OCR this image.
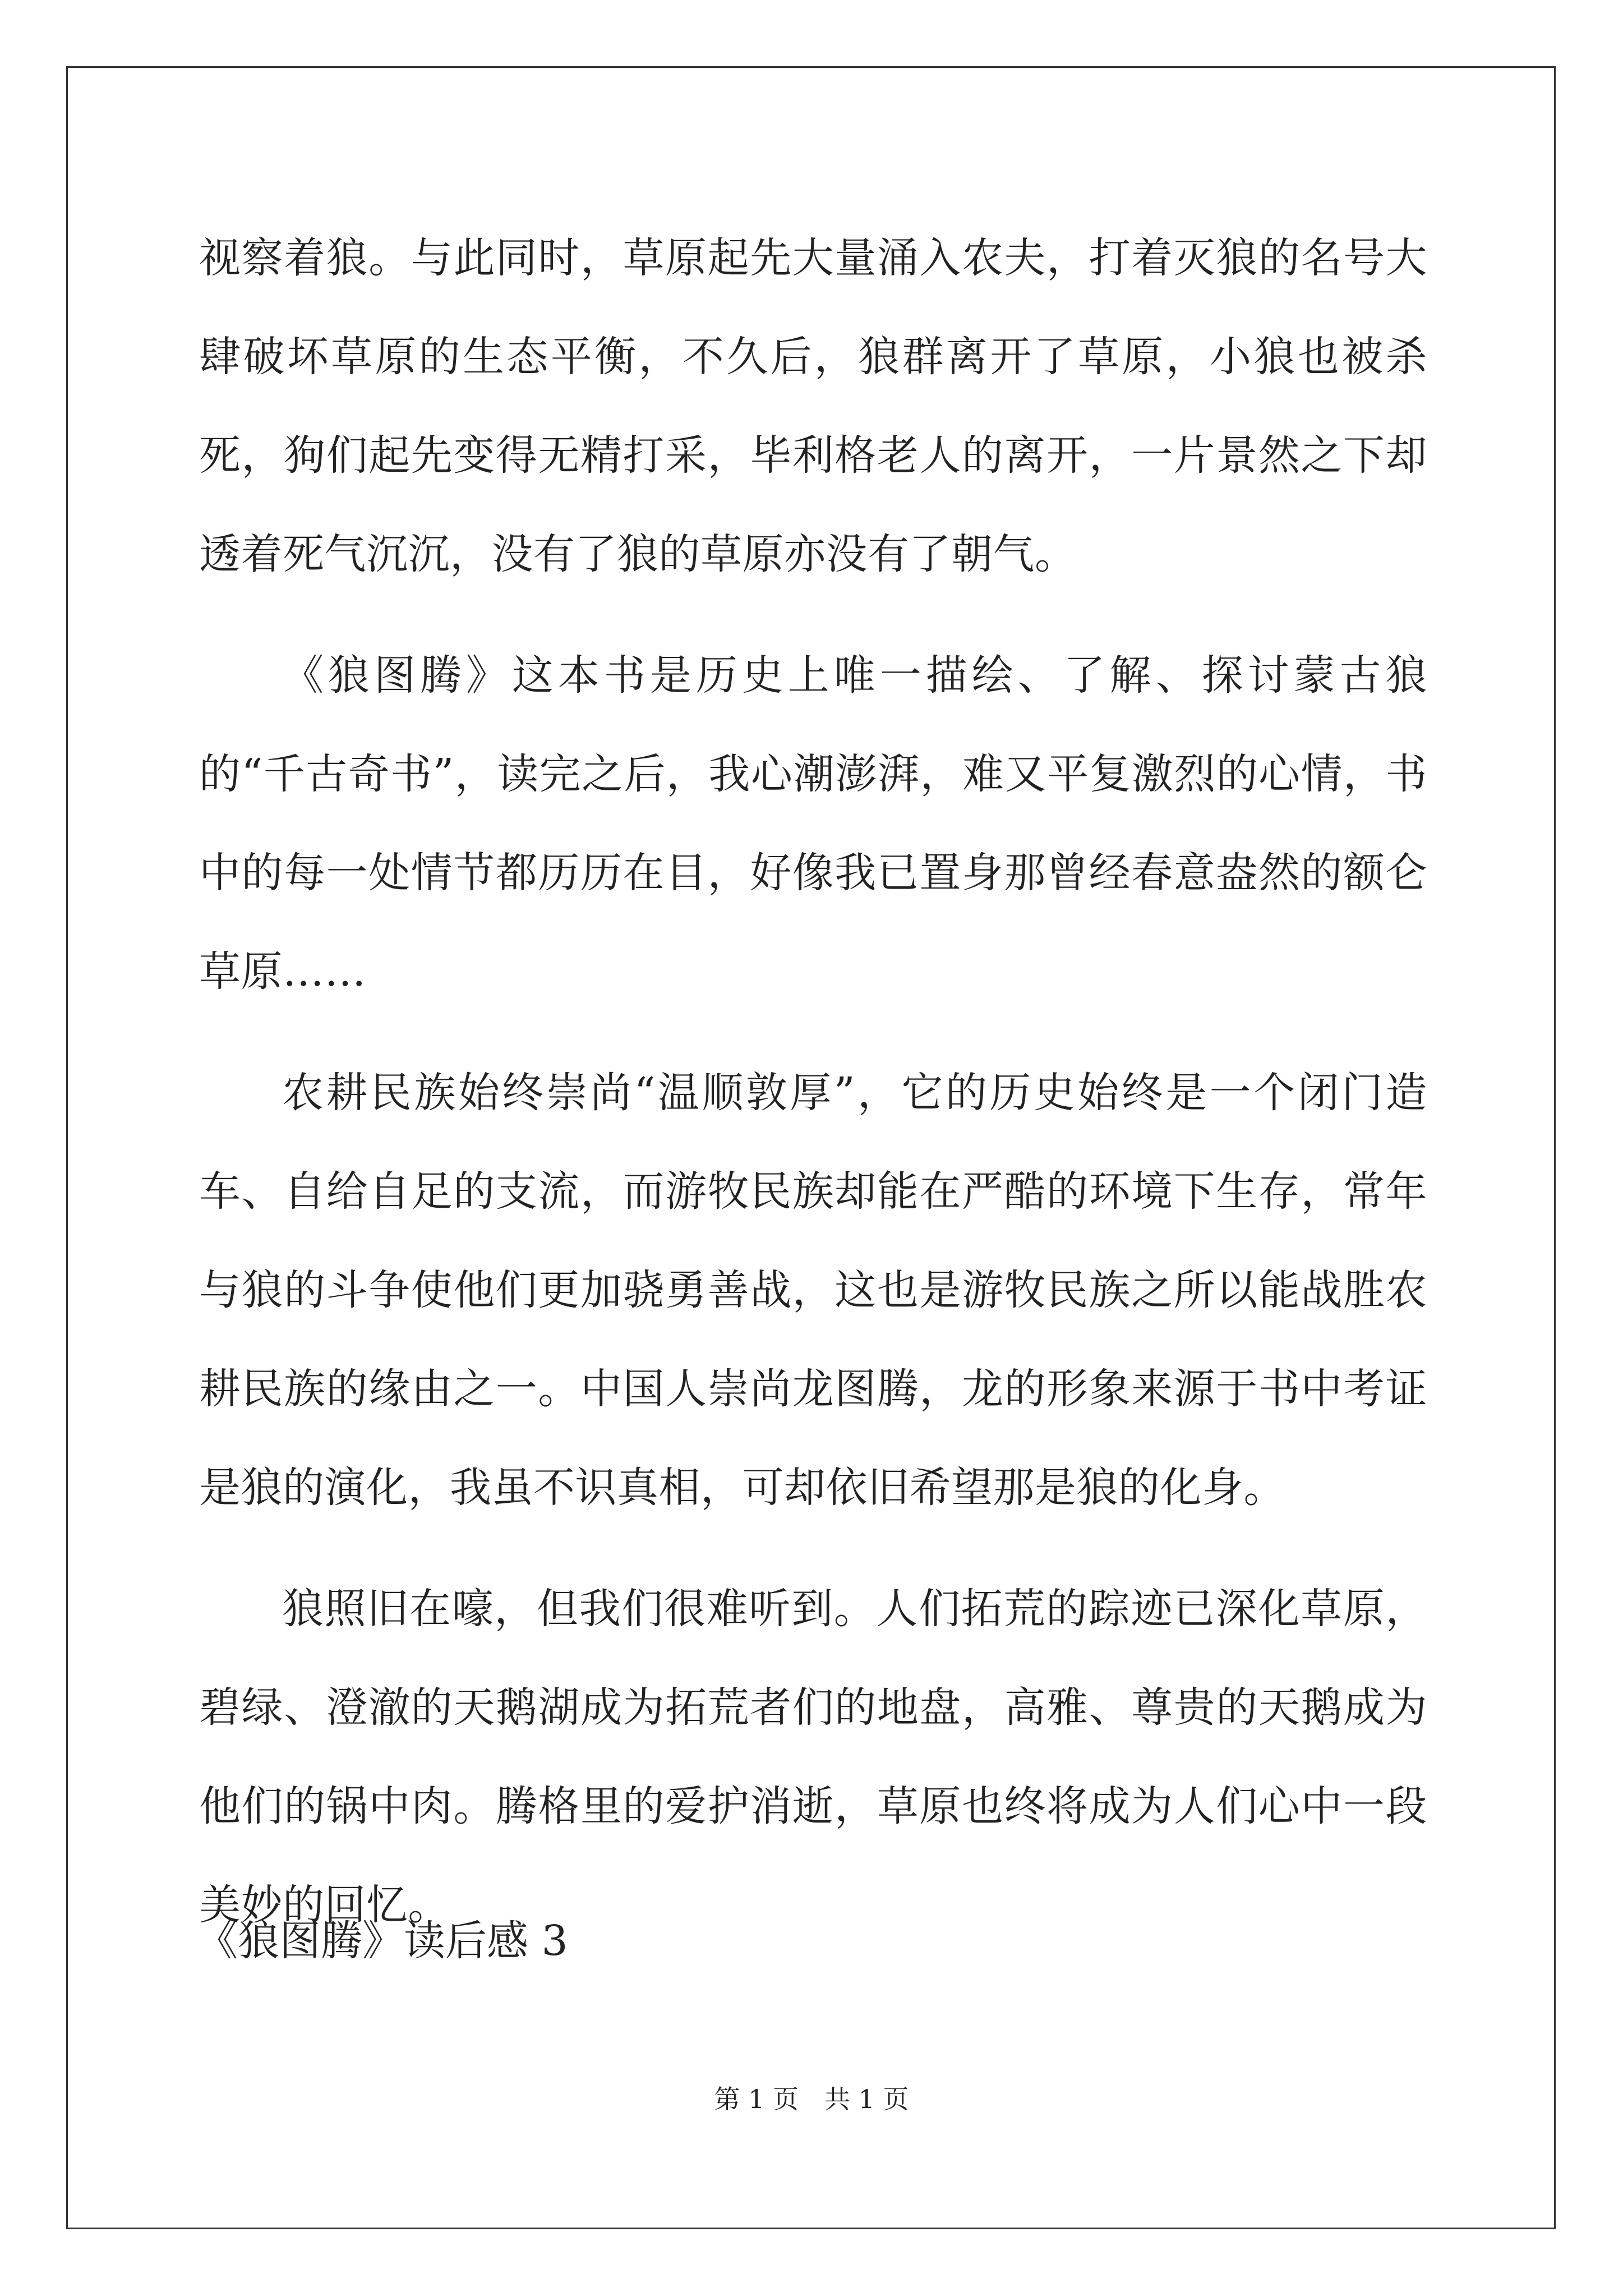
视察着狼。与此同时，草原起先大量涌入农夫，打着灭狼的名号大肆破坏草原的生态平衡，不久后，狼群离开了草原，小狼也被杀死，狗们起先变得无精打采，毕利格老人的离开，一片景然之下却透着死气沉沉，没有了狼的草原亦没有了朝气。

《狼图腾》这本书是历史上唯一描绘、了解、探讨蒙古狼的“千古奇书”，读完之后，我心潮澎湃，难又平复激烈的心情，书中的每一处情节都历历在目，好像我已置身那曾经春意盎然的额仑草原……

农耕民族始终崇尚“温顺敦厚”，它的历史始终是一个闭门造车、自给自足的支流，而游牧民族却能在严酷的环境下生存，常年与狼的斗争使他们更加骁勇善战，这也是游牧民族之所以能战胜农耕民族的缘由之一。中国人崇尚龙图腾，龙的形象来源于书中考证是狼的演化，我虽不识真相，可却依旧希望那是狼的化身。

狼照旧在嚎，但我们很难听到。人们拓荒的踪迹已深化草原，碧绿、澄澈的天鹅湖成为拓荒者们的地盘，高雅、尊贵的天鹅成为他们的锅中肉。腾格里的爱护消逝，草原也终将成为人们心中一段美妙的回忆。

《狼图腾》读后感 3
第 1 页　共 1 页
